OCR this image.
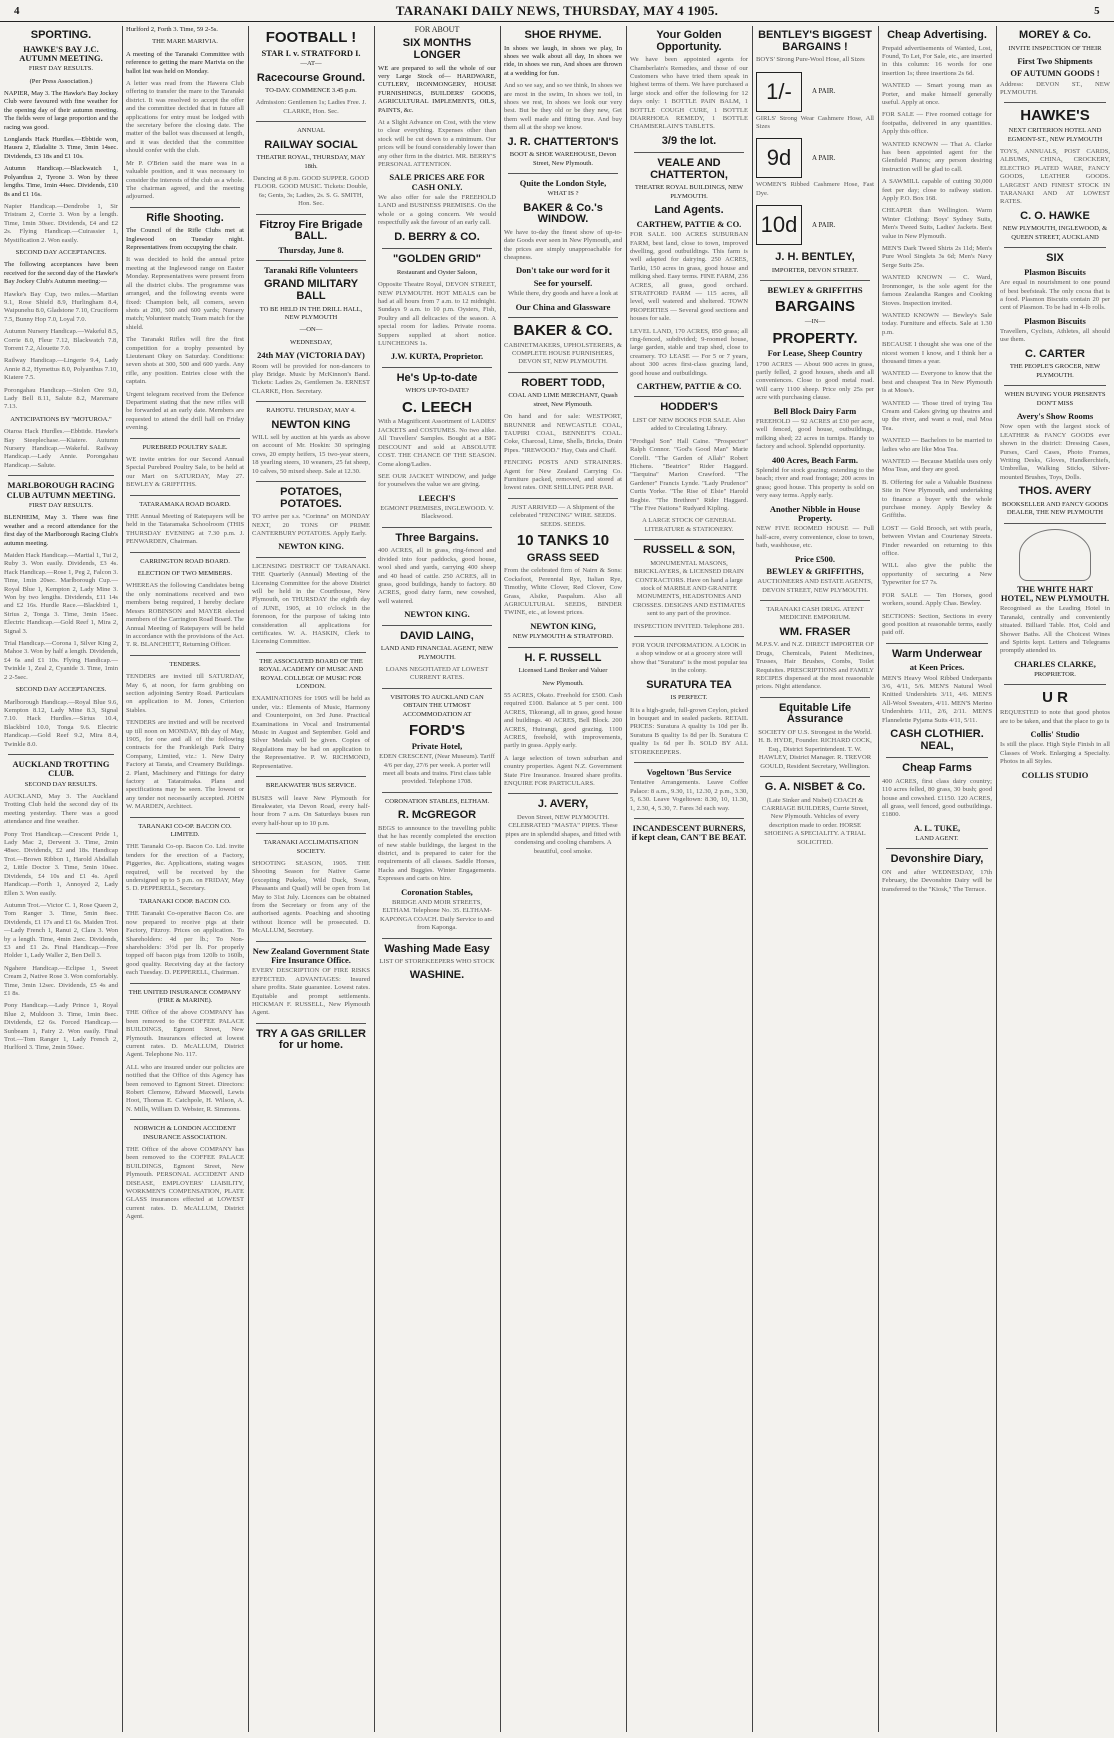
4	TARANAKI DAILY NEWS, THURSDAY, MAY 4 1905.	5
SPORTING.
HAWKE'S BAY J.C. AUTUMN MEETING.

FIRST DAY RESULTS.

(Per Press Association.)

NAPIER, May 3. The Hawke's Bay Jockey Club were favoured with fine weather for the opening day of their autumn meeting. The fields were of large proportion and the racing was good.

Longlands Hack Hurdles.—Ebbtide won, Hausra 2, Eladalite 3. Time, 3min 14sec. Dividends, £3 18s and £1 10s.

Autumn Handicap.—Blackwatch 1, Polyanthus 2, Tyrone 3. Won by three lengths. Time, 1min 44sec. Dividends, £10 8s and £1 16s.

Napier Handicap.—Dendrobe 1, Sir Tristram 2, Corrie 3. Won by a length. Time, 1min 30sec. Dividends, £4 and £2 2s. Flying Handicap.—Cuirassier 1, Mystification 2. Won easily.

SECOND DAY ACCEPTANCES.

The following acceptances have been received for the second day of the Hawke's Bay Jockey Club's Autumn meeting:—

Hawke's Bay Cup, two miles.—Martian 9.1, Rose Shield 8.9, Hurlingham 8.4, Waipunehu 8.0, Gladstone 7.10, Cruciform 7.5, Bunny Hop 7.0, Loyal 7.0.

Autumn Nursery Handicap.—Wakeful 8.5, Corrie 8.0, Fleur 7.12, Blackwatch 7.8, Torrent 7.2, Alouette 7.0.

Railway Handicap.—Lingerie 9.4, Lady Annie 8.2, Hymettus 8.0, Polyanthus 7.10, Kiatere 7.5.

Porongahau Handicap.—Stolen Ore 9.0, Lady Bell 8.11, Salute 8.2, Maremare 7.13.

ANTICIPATIONS BY "MOTUROA."

Otaroa Hack Hurdles.—Ebbtide. Hawke's Bay Steeplechase.—Kiatere. Autumn Nursery Handicap.—Wakeful. Railway Handicap.—Lady Annie. Porongahau Handicap.—Salute.

MARLBOROUGH RACING CLUB AUTUMN MEETING.

FIRST DAY RESULTS.

BLENHEIM, May 3. There was fine weather and a record attendance for the first day of the Marlborough Racing Club's autumn meeting.

Maiden Hack Handicap.—Martial 1, Tui 2, Ruby 3. Won easily. Dividends, £3 4s. Hack Handicap.—Rose 1, Peg 2, Falcon 3. Time, 1min 20sec. Marlborough Cup.—Royal Blue 1, Kempton 2, Lady Mine 3. Won by two lengths. Dividends, £11 14s and £2 16s. Hurdle Race.—Blackbird 1, Sirius 2, Tonga 3. Time, 3min 15sec. Electric Handicap.—Gold Reef 1, Mira 2, Signal 3.

Trial Handicap.—Corona 1, Silver King 2, Mahoe 3. Won by half a length. Dividends, £4 6s and £1 10s. Flying Handicap.—Twinkle 1, Zeal 2, Cyanide 3. Time, 1min 2 2-5sec.

SECOND DAY ACCEPTANCES.

Marlborough Handicap.—Royal Blue 9.6, Kempton 8.12, Lady Mine 8.3, Signal 7.10. Hack Hurdles.—Sirius 10.4, Blackbird 10.0, Tonga 9.6. Electric Handicap.—Gold Reef 9.2, Mira 8.4, Twinkle 8.0.

AUCKLAND TROTTING CLUB.

SECOND DAY RESULTS.

AUCKLAND, May 3. The Auckland Trotting Club held the second day of its meeting yesterday. There was a good attendance and fine weather.

Pony Trot Handicap.—Crescent Pride 1, Lady Mac 2, Derwent 3. Time, 2min 48sec. Dividends, £2 and 18s. Handicap Trot.—Brown Ribbon 1, Harold Abdallah 2, Little Doctor 3. Time, 5min 10sec. Dividends, £4 10s and £1 4s. April Handicap.—Forth 1, Annoyed 2, Lady Ellen 3. Won easily.

Autumn Trot.—Victor C. 1, Rose Queen 2, Tom Ranger 3. Time, 5min 8sec. Dividends, £1 17s and £1 6s. Maiden Trot.—Lady French 1, Ranui 2, Clara 3. Won by a length. Time, 4min 2sec. Dividends, £3 and £1 2s. Final Handicap.—Free Holder 1, Lady Waller 2, Ben Dell 3.

Ngahere Handicap.—Eclipse 1, Sweet Cream 2, Native Rose 3. Won comfortably. Time, 3min 12sec. Dividends, £5 4s and £1 8s.

Pony Handicap.—Lady Prince 1, Royal Blue 2, Muldoon 3. Time, 1min 8sec. Dividends, £2 6s. Forced Handicap.—Sunbeam 1, Fairy 2. Won easily. Final Trot.—Tom Ranger 1, Lady French 2, Hurlford 3. Time, 2min 59sec.

Hurlford 2, Forth 3. Time, 59 2-5s.

THE MARE MARIVIA.

A meeting of the Taranaki Committee with reference to getting the mare Marivia on the ballot list was held on Monday.

A letter was read from the Hawera Club offering to transfer the mare to the Taranaki district. It was resolved to accept the offer and the committee decided that in future all applications for entry must be lodged with the secretary before the closing date. The matter of the ballot was discussed at length, and it was decided that the committee should confer with the club.

Mr P. O'Brien said the mare was in a valuable position, and it was necessary to consider the interests of the club as a whole. The chairman agreed, and the meeting adjourned.

Rifle Shooting.

The Council of the Rifle Clubs met at Inglewood on Tuesday night. Representatives from occupying the chair.

It was decided to hold the annual prize meeting at the Inglewood range on Easter Monday. Representatives were present from all the district clubs. The programme was arranged, and the following events were fixed: Champion belt, all comers, seven shots at 200, 500 and 600 yards; Nursery match; Volunteer match; Team match for the shield.

The Taranaki Rifles will fire the first competition for a trophy presented by Lieutenant Okey on Saturday. Conditions: seven shots at 300, 500 and 600 yards. Any rifle, any position. Entries close with the captain.

Urgent telegram received from the Defence Department stating that the new rifles will be forwarded at an early date. Members are requested to attend the drill hall on Friday evening.

PUREBRED POULTRY SALE.

WE invite entries for our Second Annual Special Purebred Poultry Sale, to be held at our Mart on SATURDAY, May 27. BEWLEY & GRIFFITHS.

TATARAMAKA ROAD BOARD.

THE Annual Meeting of Ratepayers will be held in the Tataramaka Schoolroom (THIS THURSDAY EVENING at 7.30 p.m. J. PENWARDEN, Chairman.

CARRINGTON ROAD BOARD.

ELECTION OF TWO MEMBERS.

WHEREAS the following Candidates being the only nominations received and two members being required, I hereby declare Messrs ROBINSON and MAYER elected members of the Carrington Road Board. The Annual Meeting of Ratepayers will be held in accordance with the provisions of the Act. T. R. BLANCHETT, Returning Officer.

TENDERS.

TENDERS are invited till SATURDAY, May 6, at noon, for farm grubbing on section adjoining Sentry Road. Particulars on application to M. Jones, Criterion Stables.

TENDERS are invited and will be received up till noon on MONDAY, 8th day of May, 1905, for one and all of the following contracts for the Frankleigh Park Dairy Company, Limited, viz.: 1. New Dairy Factory at Tarata, and Creamery Buildings. 2. Plant, Machinery and Fittings for dairy factory at Tataraimaka. Plans and specifications may be seen. The lowest or any tender not necessarily accepted. JOHN W. MARDEN, Architect.

TARANAKI CO-OP. BACON CO. LIMITED.

THE Taranaki Co-op. Bacon Co. Ltd. invite tenders for the erection of a Factory, Piggeries, &c. Applications, stating wages required, will be received by the undersigned up to 5 p.m. on FRIDAY, May 5. D. PEPPERELL, Secretary.

TARANAKI COOP. BACON CO.

THE Taranaki Co-operative Bacon Co. are now prepared to receive pigs at their Factory, Fitzroy. Prices on application. To Shareholders: 4d per lb.; To Non-shareholders: 3½d per lb. For properly topped off bacon pigs from 120lb to 160lb, good quality. Receiving day at the factory each Tuesday. D. PEPPERELL, Chairman.

THE UNITED INSURANCE COMPANY (FIRE & MARINE).

THE Office of the above COMPANY has been removed to the COFFEE PALACE BUILDINGS, Egmont Street, New Plymouth. Insurances effected at lowest current rates. D. McALLUM, District Agent. Telephone No. 117.

ALL who are insured under our policies are notified that the Office of this Agency has been removed to Egmont Street. Directors: Robert Clemow, Edward Maxwell, Lewis Hoot, Thomas E. Catchpole, H. Wilson, A. N. Mills, William D. Webster, R. Simmons.

NORWICH & LONDON ACCIDENT INSURANCE ASSOCIATION.

THE Office of the above COMPANY has been removed to the COFFEE PALACE BUILDINGS, Egmont Street, New Plymouth. PERSONAL ACCIDENT AND DISEASE, EMPLOYERS' LIABILITY, WORKMEN'S COMPENSATION, PLATE GLASS insurances effected at LOWEST current rates. D. McALLUM, District Agent.

FOOTBALL !
STAR I. v. STRATFORD I.

—AT—

Racecourse Ground.

TO-DAY. COMMENCE 3.45 p.m.

Admission: Gentlemen 1s; Ladies Free. J. CLARKE, Hon. Sec.

ANNUAL

RAILWAY SOCIAL

THEATRE ROYAL, THURSDAY, MAY 18th.

Dancing at 8 p.m. GOOD SUPPER. GOOD FLOOR. GOOD MUSIC. Tickets: Double, 6s; Gents, 3s; Ladies, 2s. S. G. SMITH, Hon. Sec.

Fitzroy Fire Brigade BALL.
Thursday, June 8.
Taranaki Rifle Volunteers
GRAND MILITARY BALL

TO BE HELD IN THE DRILL HALL, NEW PLYMOUTH

—ON—

WEDNESDAY,

24th MAY (VICTORIA DAY)

Room will be provided for non-dancers to play Bridge. Music by McKinnon's Band. Tickets: Ladies 2s, Gentlemen 3s. ERNEST CLARKE, Hon. Secretary.

RAHOTU. THURSDAY, MAY 4.

NEWTON KING

WILL sell by auction at his yards as above on account of Mr. Hoskin: 30 springing cows, 20 empty heifers, 15 two-year steers, 18 yearling steers, 10 weaners, 25 fat sheep, 10 calves, 50 mixed sheep. Sale at 12.30.

POTATOES, POTATOES.

TO arrive per s.s. "Corinna" on MONDAY NEXT, 20 TONS OF PRIME CANTERBURY POTATOES. Apply Early.

NEWTON KING.

LICENSING DISTRICT OF TARANAKI. THE Quarterly (Annual) Meeting of the Licensing Committee for the above District will be held in the Courthouse, New Plymouth, on THURSDAY the eighth day of JUNE, 1905, at 10 o'clock in the forenoon, for the purpose of taking into consideration all applications for certificates. W. A. HASKIN, Clerk to Licensing Committee.

THE ASSOCIATED BOARD OF THE ROYAL ACADEMY OF MUSIC AND ROYAL COLLEGE OF MUSIC FOR LONDON.

EXAMINATIONS for 1905 will be held as under, viz.: Elements of Music, Harmony and Counterpoint, on 3rd June. Practical Examinations in Vocal and Instrumental Music in August and September. Gold and Silver Medals will be given. Copies of Regulations may be had on application to the Representative. P. W. RICHMOND, Representative.

BREAKWATER 'BUS SERVICE.

BUSES will leave New Plymouth for Breakwater, via Devon Road, every half-hour from 7 a.m. On Saturdays buses run every half-hour up to 10 p.m.

TARANAKI ACCLIMATISATION SOCIETY.

SHOOTING SEASON, 1905. THE Shooting Season for Native Game (excepting Pukeko, Wild Duck, Swan, Pheasants and Quail) will be open from 1st May to 31st July. Licences can be obtained from the Secretary or from any of the authorised agents. Poaching and shooting without licence will be prosecuted. D. McALLUM, Secretary.

New Zealand Government State Fire Insurance Office.

EVERY DESCRIPTION OF FIRE RISKS EFFECTED. ADVANTAGES: Insured share profits. State guarantee. Lowest rates. Equitable and prompt settlements. HICKMAN F. RUSSELL, New Plymouth Agent.

TRY A GAS GRILLER for ur home.

FOR ABOUT

SIX MONTHS LONGER

WE are prepared to sell the whole of our very Large Stock of— HARDWARE, CUTLERY, IRONMONGERY, HOUSE FURNISHINGS, BUILDERS' GOODS, AGRICULTURAL IMPLEMENTS, OILS, PAINTS, &c.

At a Slight Advance on Cost, with the view to clear everything. Expenses other than stock will be cut down to a minimum. Our prices will be found considerably lower than any other firm in the district. MR. BERRY'S PERSONAL ATTENTION.

SALE PRICES ARE FOR CASH ONLY.

We also offer for sale the FREEHOLD LAND and BUSINESS PREMISES. On the whole or a going concern. We would respectfully ask the favour of an early call.

D. BERRY & CO.
"GOLDEN GRID"

Restaurant and Oyster Saloon,

Opposite Theatre Royal, DEVON STREET, NEW PLYMOUTH. HOT MEALS can be had at all hours from 7 a.m. to 12 midnight. Sundays 9 a.m. to 10 p.m. Oysters, Fish, Poultry and all delicacies of the season. A special room for ladies. Private rooms. Suppers supplied at short notice. LUNCHEONS 1s.

J.W. KURTA, Proprietor.
He's Up-to-date

WHO'S UP-TO-DATE?

C. LEECH

With a Magnificent Assortment of LADIES' JACKETS and COSTUMES. No two alike. All Travellers' Samples. Bought at a BIG DISCOUNT and sold at ABSOLUTE COST. THE CHANCE OF THE SEASON. Come along/Ladies.

SEE OUR JACKET WINDOW, and judge for yourselves the value we are giving.

LEECH'S

EGMONT PREMISES, INGLEWOOD. V. Blackwood.

Three Bargains.

400 ACRES, all in grass, ring-fenced and divided into four paddocks, good house, wool shed and yards, carrying 400 sheep and 40 head of cattle. 250 ACRES, all in grass, good buildings, handy to factory. 80 ACRES, good dairy farm, new cowshed, well watered.

NEWTON KING.
DAVID LAING,

LAND AND FINANCIAL AGENT, NEW PLYMOUTH.

LOANS NEGOTIATED AT LOWEST CURRENT RATES.

VISITORS TO AUCKLAND CAN OBTAIN THE UTMOST ACCOMMODATION AT

FORD'S
Private Hotel,

EDEN CRESCENT, (Near Museum). Tariff 4/6 per day, 27/6 per week. A porter will meet all boats and trains. First class table provided. Telephone 1708.

CORONATION STABLES, ELTHAM.

R. McGREGOR

BEGS to announce to the travelling public that he has recently completed the erection of new stable buildings, the largest in the district, and is prepared to cater for the requirements of all classes. Saddle Horses, Hacks and Buggies. Winter Engagements. Expresses and carts on hire.

Coronation Stables,

BRIDGE AND MOIR STREETS, ELTHAM. Telephone No. 35. ELTHAM-KAPONGA COACH. Daily Service to and from Kaponga.

Washing Made Easy

LIST OF STOREKEEPERS WHO STOCK

WASHINE.
SHOE RHYME.

In shoes we laugh, in shoes we play, In shoes we walk about all day, In shoes we ride, in shoes we run, And shoes are thrown at a wedding for fun.

And so we say, and so we think, In shoes we are most in the swim, In shoes we toil, in shoes we rest, In shoes we look our very best. But be they old or be they new, Get them well made and fitting true. And buy them all at the shop we know.

J. R. CHATTERTON'S

BOOT & SHOE WAREHOUSE, Devon Street, New Plymouth.

Quite the London Style,

WHAT IS ?

BAKER & Co.'s WINDOW.

We have to-day the finest show of up-to-date Goods ever seen in New Plymouth, and the prices are simply unapproachable for cheapness.

Don't take our word for it
See for yourself.

While there, dry goods and have a look at

Our China and Glassware
BAKER & CO.

CABINETMAKERS, UPHOLSTERERS, & COMPLETE HOUSE FURNISHERS, DEVON ST, NEW PLYMOUTH.

ROBERT TODD,

COAL AND LIME MERCHANT, Quash street, New Plymouth.

On hand and for sale: WESTPORT, BRUNNER and NEWCASTLE COAL, TAUPIRI COAL, BENNEIT'S COAL. Coke, Charcoal, Lime, Shells, Bricks, Drain Pipes. "IREWOOD." Hay, Oats and Chaff.

FENCING POSTS AND STRAINERS. Agent for New Zealand Carrying Co. Furniture packed, removed, and stored at lowest rates. ONE SHILLING PER PAR.

JUST ARRIVED — A Shipment of the celebrated "FENCING" WIRE. SEEDS. SEEDS. SEEDS.

10 TANKS 10
GRASS SEED

From the celebrated firm of Nairn & Sons: Cocksfoot, Perennial Rye, Italian Rye, Timothy, White Clover, Red Clover, Cow Grass, Alsike, Paspalum. Also all AGRICULTURAL SEEDS, BINDER TWINE, etc., at lowest prices.

NEWTON KING,

NEW PLYMOUTH & STRATFORD.

H. F. RUSSELL

Licensed Land Broker and Valuer

New Plymouth.

55 ACRES, Okato. Freehold for £500. Cash required £100. Balance at 5 per cent. 100 ACRES, Tikorangi, all in grass, good house and buildings. 40 ACRES, Bell Block. 200 ACRES, Huirangi, good grazing. 1100 ACRES, freehold, with improvements, partly in grass. Apply early.

A large selection of town suburban and country properties. Agent N.Z. Government State Fire Insurance. Insured share profits. ENQUIRE FOR PARTICULARS.

J. AVERY,

Devon Street, NEW PLYMOUTH. CELEBRATED "MASTA" PIPES. These pipes are in splendid shapes, and fitted with condensing and cooling chambers. A beautiful, cool smoke.

Your Golden Opportunity.

We have been appointed agents for Chamberlain's Remedies, and those of our Customers who have tried them speak in highest terms of them. We have purchased a large stock and offer the following for 12 days only: 1 BOTTLE PAIN BALM, 1 BOTTLE COUGH CURE, 1 BOTTLE DIARRHOEA REMEDY, 1 BOTTLE CHAMBERLAIN'S TABLETS.

3/9 the lot.
VEALE AND CHATTERTON,

THEATRE ROYAL BUILDINGS, NEW PLYMOUTH.

Land Agents.
CARTHEW, PATTIE & CO.

FOR SALE. 100 ACRES SUBURBAN FARM, best land, close to town, improved dwelling, good outbuildings. This farm is well adapted for dairying. 250 ACRES, Tariki, 150 acres in grass, good house and milking shed. Easy terms. FINE FARM, 236 ACRES, all grass, good orchard. STRATFORD FARM — 115 acres, all level, well watered and sheltered. TOWN PROPERTIES — Several good sections and houses for sale.

LEVEL LAND, 170 ACRES, 850 grass; all ring-fenced, subdivided; 9-roomed house, large garden, stable and trap shed, close to creamery. TO LEASE — For 5 or 7 years, about 300 acres first-class grazing land, good house and outbuildings.

CARTHEW, PATTIE & CO.
HODDER'S

LIST OF NEW BOOKS FOR SALE. Also added to Circulating Library.

"Prodigal Son" Hall Caine. "Prospector" Ralph Connor. "God's Good Man" Marie Corelli. "The Garden of Allah" Robert Hichens. "Beatrice" Rider Haggard. "Tarquina" Marion Crawford. "The Gardener" Francis Lynde. "Lady Prudence" Curtis Yorke. "The Rise of Elsie" Harold Begbie. "The Brethren" Rider Haggard. "The Five Nations" Rudyard Kipling.

A LARGE STOCK OF GENERAL LITERATURE & STATIONERY.

RUSSELL & SON,

MONUMENTAL MASONS, BRICKLAYERS, & LICENSED DRAIN CONTRACTORS. Have on hand a large stock of MARBLE AND GRANITE MONUMENTS, HEADSTONES AND CROSSES. DESIGNS AND ESTIMATES sent to any part of the province.

INSPECTION INVITED. Telephone 281.

FOR YOUR INFORMATION. A LOOK in a shop window or at a grocery store will show that "Suratura" is the most popular tea in the colony.

SURATURA TEA

IS PERFECT.

It is a high-grade, full-grown Ceylon, picked in bouquet and in sealed packets. RETAIL PRICES: Suratura A quality 1s 10d per lb. Suratura B quality 1s 8d per lb. Suratura C quality 1s 6d per lb. SOLD BY ALL STOREKEEPERS.

Vogeltown 'Bus Service

Tentative Arrangements. Leave Coffee Palace: 8 a.m., 9.30, 11, 12.30, 2 p.m., 3.30, 5, 6.30. Leave Vogeltown: 8.30, 10, 11.30, 1, 2.30, 4, 5.30, 7. Fares 3d each way.

INCANDESCENT BURNERS, if kept clean, CAN'T BE BEAT.
BENTLEY'S BIGGEST BARGAINS !

BOYS' Strong Pure-Wool Hose, all Sizes

1/-	A PAIR.

GIRLS' Strong Wear Cashmere Hose, All Sizes

9d	A PAIR.

WOMEN'S Ribbed Cashmere Hose, Fast Dye.

10d	A PAIR.
J. H. BENTLEY,

IMPORTER, DEVON STREET.

BEWLEY & GRIFFITHS
BARGAINS

—IN—

PROPERTY.
For Lease, Sheep Country

1790 ACRES — About 900 acres in grass, partly felled, 2 good houses, sheds and all conveniences. Close to good metal road. Will carry 1100 sheep. Price only 25s per acre with purchasing clause.

Bell Block Dairy Farm

FREEHOLD — 92 ACRES at £30 per acre, well fenced, good house, outbuildings, milking shed; 22 acres in turnips. Handy to factory and school. Splendid opportunity.

400 Acres, Beach Farm.

Splendid for stock grazing; extending to the beach; river and road frontage; 200 acres in grass; good house. This property is sold on very easy terms. Apply early.

Another Nibble in House Property.

NEW FIVE ROOMED HOUSE — Full half-acre, every convenience, close to town, bath, washhouse, etc.

Price £500.
BEWLEY & GRIFFITHS,

AUCTIONEERS AND ESTATE AGENTS, DEVON STREET, NEW PLYMOUTH.

TARANAKI CASH DRUG. ATENT MEDICINE EMPORIUM.

WM. FRASER

M.P.S.V. and N.Z. DIRECT IMPORTER OF Drugs, Chemicals, Patent Medicines, Trusses, Hair Brushes, Combs, Toilet Requisites. PRESCRIPTIONS and FAMILY RECIPES dispensed at the most reasonable prices. Night attendance.

Equitable Life Assurance

SOCIETY OF U.S. Strongest in the World. H. B. HYDE, Founder. RICHARD COCK, Esq., District Superintendent. T. W. HAWLEY, District Manager. R. TREVOR GOULD, Resident Secretary, Wellington.

G. A. NISBET & Co.

(Late Sinker and Nisbet) COACH & CARRIAGE BUILDERS, Currie Street, New Plymouth. Vehicles of every description made to order. HORSE SHOEING A SPECIALITY. A TRIAL SOLICITED.

Cheap Advertising.

Prepaid advertisements of Wanted, Lost, Found, To Let, For Sale, etc., are inserted in this column: 16 words for one insertion 1s; three insertions 2s 6d.

WANTED — Smart young man as Porter, and make himself generally useful. Apply at once.

FOR SALE — Five roomed cottage for footpaths, delivered in any quantities. Apply this office.

WANTED KNOWN — That A. Clarke has been appointed agent for the Glenfield Pianos; any person desiring instruction will be glad to call.

A SAWMILL capable of cutting 30,000 feet per day; close to railway station. Apply P.O. Box 168.

CHEAPER than Wellington. Warm Winter Clothing: Boys' Sydney Suits, Men's Tweed Suits, Ladies' Jackets. Best value in New Plymouth.

MEN'S Dark Tweed Shirts 2s 11d; Men's Pure Wool Singlets 3s 6d; Men's Navy Serge Suits 25s.

WANTED KNOWN — C. Ward, Ironmonger, is the sole agent for the famous Zealandia Ranges and Cooking Stoves. Inspection invited.

WANTED KNOWN — Bewley's Sale today. Furniture and effects. Sale at 1.30 p.m.

BECAUSE I thought she was one of the nicest women I know, and I think her a thousand times a year.

WANTED — Everyone to know that the best and cheapest Tea in New Plymouth is at Moss's.

WANTED — Those tired of trying Tea Cream and Cakes giving up theatres and up the river, and want a real, real Moa Tea.

WANTED — Bachelors to be married to ladies who are like Moa Tea.

WANTED — Because Matilda uses only Moa Teas, and they are good.

B. Offering for sale a Valuable Business Site in New Plymouth, and undertaking to finance a buyer with the whole purchase money. Apply Bewley & Griffiths.

LOST — Gold Brooch, set with pearls, between Vivian and Courtenay Streets. Finder rewarded on returning to this office.

WILL also give the public the opportunity of securing a New Typewriter for £7 7s.

FOR SALE — Ten Horses, good workers, sound. Apply Chas. Bewley.

SECTIONS: Section, Sections in every good position at reasonable terms, easily paid off.

Warm Underwear
at Keen Prices.

MEN'S Heavy Wool Ribbed Underpants 3/6, 4/11, 5/6. MEN'S Natural Wool Knitted Undershirts 3/11, 4/6. MEN'S All-Wool Sweaters, 4/11. MEN'S Merino Undershirts 1/11, 2/6, 2/11. MEN'S Flannelette Pyjama Suits 4/11, 5/11.

CASH CLOTHIER. NEAL,
Cheap Farms

400 ACRES, first class dairy country; 110 acres felled, 80 grass, 30 bush; good house and cowshed. £1150. 120 ACRES, all grass, well fenced, good outbuildings. £1800.

A. L. TUKE,

LAND AGENT.

Devonshire Diary,

ON and after WEDNESDAY, 17th February, the Devonshire Dairy will be transferred to the "Kiosk," The Terrace.

MOREY & Co.

INVITE INSPECTION OF THEIR

First Two Shipments
OF AUTUMN GOODS !

Address: DEVON ST., NEW PLYMOUTH.

HAWKE'S

NEXT CRITERION HOTEL AND EGMONT-ST., NEW PLYMOUTH

TOYS, ANNUALS, POST CARDS, ALBUMS, CHINA, CROCKERY, ELECTRO PLATED WARE, FANCY GOODS, LEATHER GOODS. LARGEST AND FINEST STOCK IN TARANAKI AND AT LOWEST RATES.

C. O. HAWKE

NEW PLYMOUTH, INGLEWOOD, & QUEEN STREET, AUCKLAND

SIX
Plasmon Biscuits

Are equal in nourishment to one pound of best beefsteak. The only cocoa that is a food. Plasmon Biscuits contain 20 per cent of Plasmon. To be had in 4-lb rolls.

Plasmon Biscuits

Travellers, Cyclists, Athletes, all should use them.

C. CARTER

THE PEOPLE'S GROCER, NEW PLYMOUTH.

WHEN BUYING YOUR PRESENTS DON'T MISS

Avery's Show Rooms

Now open with the largest stock of LEATHER & FANCY GOODS ever shown in the district: Dressing Cases, Purses, Card Cases, Photo Frames, Writing Desks, Gloves, Handkerchiefs, Umbrellas, Walking Sticks, Silver-mounted Brushes, Toys, Dolls.

THOS. AVERY

BOOKSELLER AND FANCY GOODS DEALER, THE NEW PLYMOUTH

THE WHITE HART HOTEL, NEW PLYMOUTH.

Recognised as the Leading Hotel in Taranaki, centrally and conveniently situated. Billiard Table. Hot, Cold and Shower Baths. All the Choicest Wines and Spirits kept. Letters and Telegrams promptly attended to.

CHARLES CLARKE,

PROPRIETOR.

U R

REQUESTED to note that good photos are to be taken, and that the place to go is

Collis' Studio

Is still the place. High Style Finish in all Classes of Work. Enlarging a Specialty. Photos in all Styles.

COLLIS STUDIO
